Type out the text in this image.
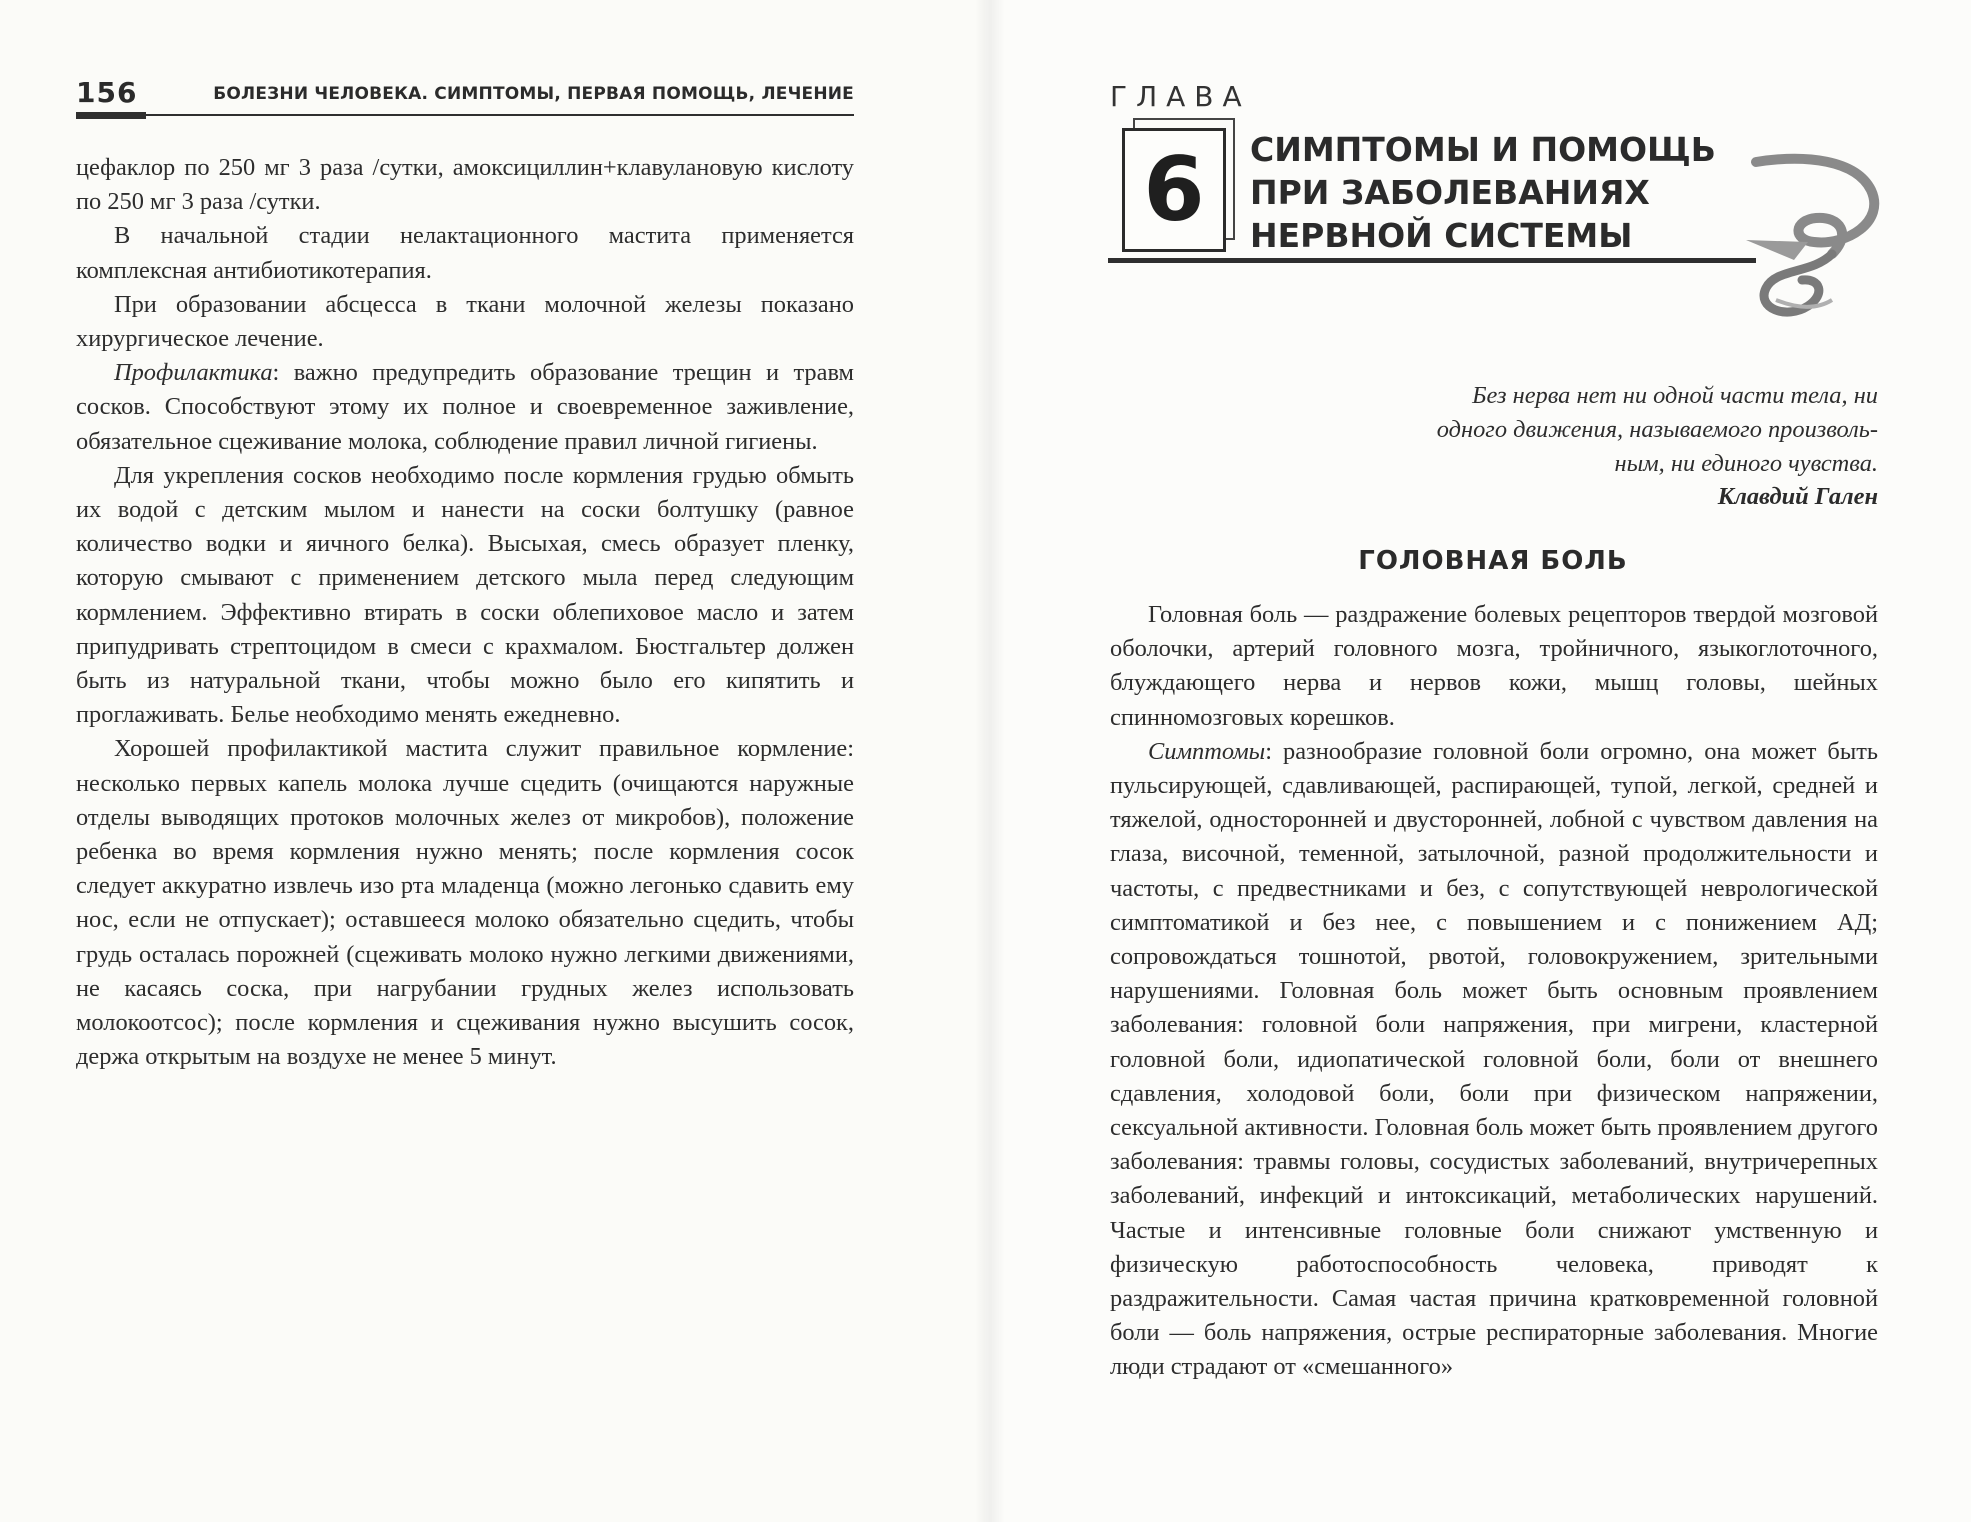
156	БОЛЕЗНИ ЧЕЛОВЕКА. СИМПТОМЫ, ПЕРВАЯ ПОМОЩЬ, ЛЕЧЕНИЕ

цефаклор по 250 мг 3 раза /сутки, амоксициллин+клавулановую кислоту по 250 мг 3 раза /сутки.

В начальной стадии нелактационного мастита применяется комплексная антибиотикотерапия.

При образовании абсцесса в ткани молочной железы показано хирургическое лечение.

Профилактика: важно предупредить образование трещин и травм сосков. Способствуют этому их полное и своевременное заживление, обязательное сцеживание молока, соблюдение правил личной гигиены.

Для укрепления сосков необходимо после кормления грудью обмыть их водой с детским мылом и нанести на соски болтушку (равное количество водки и яичного белка). Высыхая, смесь образует пленку, которую смывают с применением детского мыла перед следующим кормлением. Эффективно втирать в соски облепиховое масло и затем припудривать стрептоцидом в смеси с крахмалом. Бюстгальтер должен быть из натуральной ткани, чтобы можно было его кипятить и проглаживать. Белье необходимо менять ежедневно.

Хорошей профилактикой мастита служит правильное кормление: несколько первых капель молока лучше сцедить (очищаются наружные отделы выводящих протоков молочных желез от микробов), положение ребенка во время кормления нужно менять; после кормления сосок следует аккуратно извлечь изо рта младенца (можно легонько сдавить ему нос, если не отпускает); оставшееся молоко обязательно сцедить, чтобы грудь осталась порожней (сцеживать молоко нужно легкими движениями, не касаясь соска, при нагрубании грудных желез использовать молокоотсос); после кормления и сцеживания нужно высушить сосок, держа открытым на воздухе не менее 5 минут.

ГЛАВА
6	СИМПТОМЫ И ПОМОЩЬ
ПРИ ЗАБОЛЕВАНИЯХ
НЕРВНОЙ СИСТЕМЫ
Без нерва нет ни одной части тела, ни
одного движения, называемого произволь-
ным, ни единого чувства.
Клавдий Гален
ГОЛОВНАЯ БОЛЬ

Головная боль — раздражение болевых рецепторов твердой мозговой оболочки, артерий головного мозга, тройничного, языкоглоточного, блуждающего нерва и нервов кожи, мышц головы, шейных спинномозговых корешков.

Симптомы: разнообразие головной боли огромно, она может быть пульсирующей, сдавливающей, распирающей, тупой, легкой, средней и тяжелой, односторонней и двусторонней, лобной с чувством давления на глаза, височной, теменной, затылочной, разной продолжительности и частоты, с предвестниками и без, с сопутствующей неврологической симптоматикой и без нее, с повышением и с понижением АД; сопровождаться тошнотой, рвотой, головокружением, зрительными нарушениями. Головная боль может быть основным проявлением заболевания: головной боли напряжения, при мигрени, кластерной головной боли, идиопатической головной боли, боли от внешнего сдавления, холодовой боли, боли при физическом напряжении, сексуальной активности. Головная боль может быть проявлением другого заболевания: травмы головы, сосудистых заболеваний, внутричерепных заболеваний, инфекций и интоксикаций, метаболических нарушений. Частые и интенсивные головные боли снижают умственную и физическую работоспособность человека, приводят к раздражительности. Самая частая причина кратковременной головной боли — боль напряжения, острые респираторные заболевания. Многие люди страдают от «смешанного»
